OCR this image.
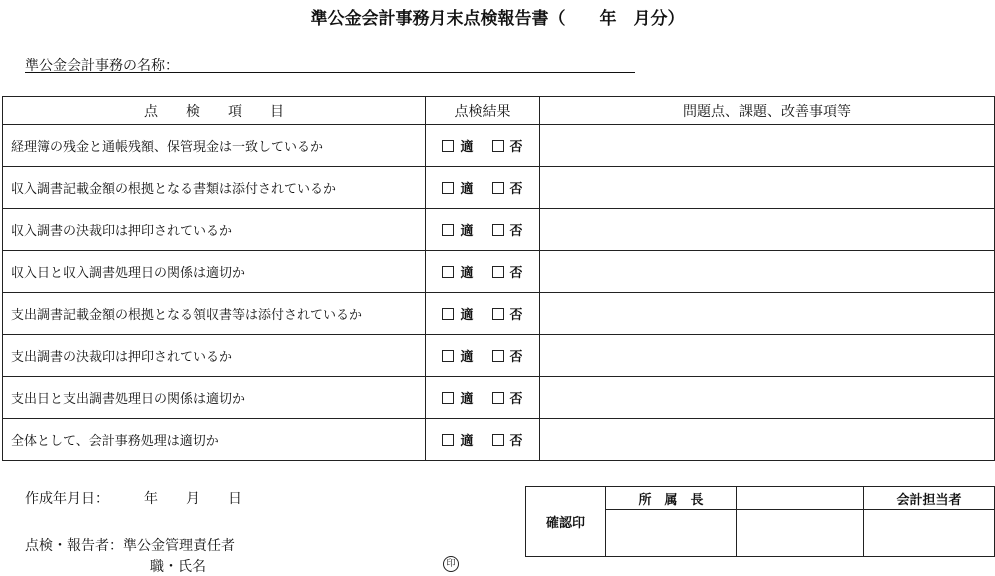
準公金会計事務月末点検報告書（　　年　月分）
準公金会計事務の名称：
点　　検　　項　　目	点検結果	問題点、課題、改善事項等
経理簿の残金と通帳残額、保管現金は一致しているか	適 否	
収入調書記載金額の根拠となる書類は添付されているか	適 否	
収入調書の決裁印は押印されているか	適 否	
収入日と収入調書処理日の関係は適切か	適 否	
支出調書記載金額の根拠となる領収書等は添付されているか	適 否	
支出調書の決裁印は押印されているか	適 否	
支出日と支出調書処理日の関係は適切か	適 否	
全体として、会計事務処理は適切か	適 否	
作成年月日：　　　年　　月　　日
点検・報告者：準公金管理責任者
職・氏名	印
確認印	所　属　長		会計担当者
